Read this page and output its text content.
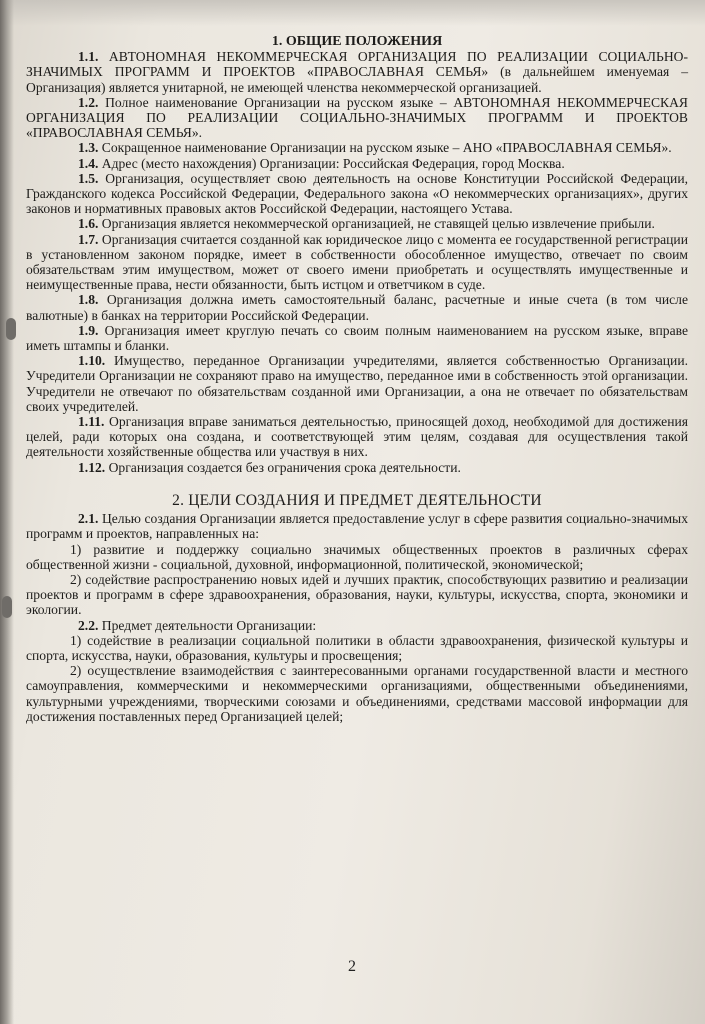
1. ОБЩИЕ ПОЛОЖЕНИЯ

1.1. АВТОНОМНАЯ НЕКОММЕРЧЕСКАЯ ОРГАНИЗАЦИЯ ПО РЕАЛИЗАЦИИ СОЦИАЛЬНО-ЗНАЧИМЫХ ПРОГРАММ И ПРОЕКТОВ «ПРАВОСЛАВНАЯ СЕМЬЯ» (в дальнейшем именуемая – Организация) является унитарной, не имеющей членства некоммерческой организацией.

1.2. Полное наименование Организации на русском языке – АВТОНОМНАЯ НЕКОММЕРЧЕСКАЯ ОРГАНИЗАЦИЯ ПО РЕАЛИЗАЦИИ СОЦИАЛЬНО-ЗНАЧИМЫХ ПРОГРАММ И ПРОЕКТОВ «ПРАВОСЛАВНАЯ СЕМЬЯ».

1.3. Сокращенное наименование Организации на русском языке – АНО «ПРАВОСЛАВНАЯ СЕМЬЯ».

1.4. Адрес (место нахождения) Организации: Российская Федерация, город Москва.

1.5. Организация, осуществляет свою деятельность на основе Конституции Российской Федерации, Гражданского кодекса Российской Федерации, Федерального закона «О некоммерческих организациях», других законов и нормативных правовых актов Российской Федерации, настоящего Устава.

1.6. Организация является некоммерческой организацией, не ставящей целью извлечение прибыли.

1.7. Организация считается созданной как юридическое лицо с момента ее государственной регистрации в установленном законом порядке, имеет в собственности обособленное имущество, отвечает по своим обязательствам этим имуществом, может от своего имени приобретать и осуществлять имущественные и неимущественные права, нести обязанности, быть истцом и ответчиком в суде.

1.8. Организация должна иметь самостоятельный баланс, расчетные и иные счета (в том числе валютные) в банках на территории Российской Федерации.

1.9. Организация имеет круглую печать со своим полным наименованием на русском языке, вправе иметь штампы и бланки.

1.10. Имущество, переданное Организации учредителями, является собственностью Организации. Учредители Организации не сохраняют право на имущество, переданное ими в собственность этой организации. Учредители не отвечают по обязательствам созданной ими Организации, а она не отвечает по обязательствам своих учредителей.

1.11. Организация вправе заниматься деятельностью, приносящей доход, необходимой для достижения целей, ради которых она создана, и соответствующей этим целям, создавая для осуществления такой деятельности хозяйственные общества или участвуя в них.

1.12. Организация создается без ограничения срока деятельности.

2. ЦЕЛИ СОЗДАНИЯ И ПРЕДМЕТ ДЕЯТЕЛЬНОСТИ

2.1. Целью создания Организации является предоставление услуг в сфере развития социально-значимых программ и проектов, направленных на:

1) развитие и поддержку социально значимых общественных проектов в различных сферах общественной жизни - социальной, духовной, информационной, политической, экономической;

2) содействие распространению новых идей и лучших практик, способствующих развитию и реализации проектов и программ в сфере здравоохранения, образования, науки, культуры, искусства, спорта, экономики и экологии.

2.2. Предмет деятельности Организации:

1) содействие в реализации социальной политики в области здравоохранения, физической культуры и спорта, искусства, науки, образования, культуры и просвещения;

2) осуществление взаимодействия с заинтересованными органами государственной власти и местного самоуправления, коммерческими и некоммерческими организациями, общественными объединениями, культурными учреждениями, творческими союзами и объединениями, средствами массовой информации для достижения поставленных перед Организацией целей;

2
